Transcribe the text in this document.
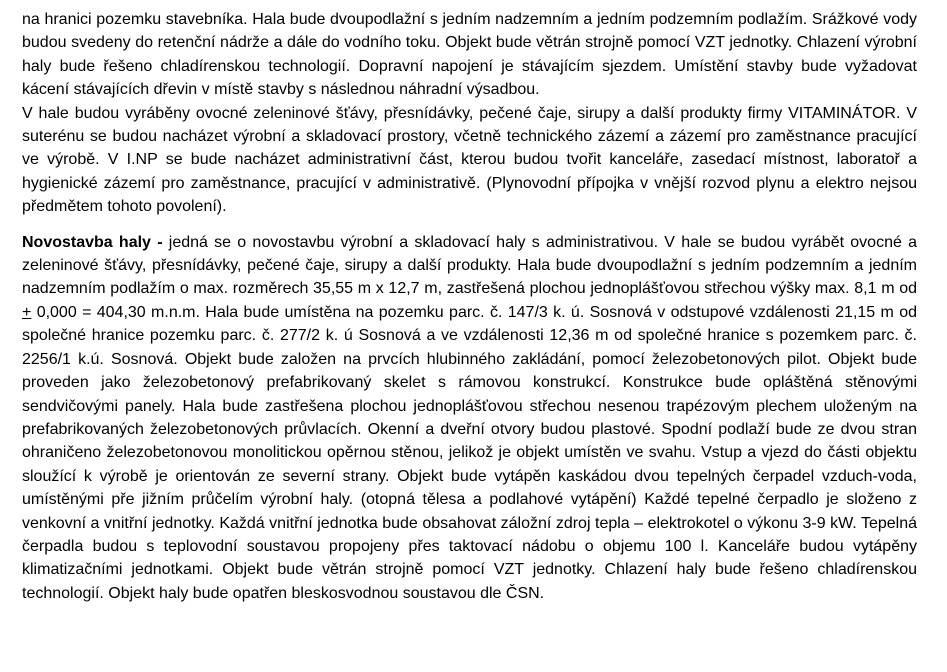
na hranici pozemku stavebníka. Hala bude dvoupodlažní s jedním nadzemním a jedním podzemním podlažím. Srážkové vody budou svedeny do retenční nádrže a dále do vodního toku. Objekt bude větrán strojně pomocí VZT jednotky. Chlazení výrobní haly bude řešeno chladírenskou technologií. Dopravní napojení je stávajícím sjezdem. Umístění stavby bude vyžadovat kácení stávajících dřevin v místě stavby s následnou náhradní výsadbou.

V hale budou vyráběny ovocné zeleninové šťávy, přesnídávky, pečené čaje, sirupy a další produkty firmy VITAMINÁTOR. V suterénu se budou nacházet výrobní a skladovací prostory, včetně technického zázemí a zázemí pro zaměstnance pracující ve výrobě. V I.NP se bude nacházet administrativní část, kterou budou tvořit kanceláře, zasedací místnost, laboratoř a hygienické zázemí pro zaměstnance, pracující v administrativě. (Plynovodní přípojka v vnější rozvod plynu a elektro nejsou předmětem tohoto povolení).

Novostavba haly - jedná se o novostavbu výrobní a skladovací haly s administrativou. V hale se budou vyrábět ovocné a zeleninové šťávy, přesnídávky, pečené čaje, sirupy a další produkty. Hala bude dvoupodlažní s jedním podzemním a jedním nadzemním podlažím o max. rozměrech 35,55 m x 12,7 m, zastřešená plochou jednoplášťovou střechou výšky max. 8,1 m od + 0,000 = 404,30 m.n.m. Hala bude umístěna na pozemku parc. č. 147/3 k. ú. Sosnová v odstupové vzdálenosti 21,15 m od společné hranice pozemku parc. č. 277/2 k. ú Sosnová a ve vzdálenosti 12,36 m od společné hranice s pozemkem parc. č. 2256/1 k.ú. Sosnová. Objekt bude založen na prvcích hlubinného zakládání, pomocí železobetonových pilot. Objekt bude proveden jako železobetonový prefabrikovaný skelet s rámovou konstrukcí. Konstrukce bude opláštěná stěnovými sendvičovými panely. Hala bude zastřešena plochou jednoplášťovou střechou nesenou trapézovým plechem uloženým na prefabrikovaných železobetonových průvlacích. Okenní a dveřní otvory budou plastové. Spodní podlaží bude ze dvou stran ohraničeno železobetonovou monolitickou opěrnou stěnou, jelikož je objekt umístěn ve svahu. Vstup a vjezd do části objektu sloužící k výrobě je orientován ze severní strany. Objekt bude vytápěn kaskádou dvou tepelných čerpadel vzduch-voda, umístěnými pře jižním průčelím výrobní haly. (otopná tělesa a podlahové vytápění) Každé tepelné čerpadlo je složeno z venkovní a vnitřní jednotky. Každá vnitřní jednotka bude obsahovat záložní zdroj tepla – elektrokotel o výkonu 3-9 kW. Tepelná čerpadla budou s teplovodní soustavou propojeny přes taktovací nádobu o objemu 100 l. Kanceláře budou vytápěny klimatizačními jednotkami. Objekt bude větrán strojně pomocí VZT jednotky. Chlazení haly bude řešeno chladírenskou technologií. Objekt haly bude opatřen bleskosvodnou soustavou dle ČSN.
